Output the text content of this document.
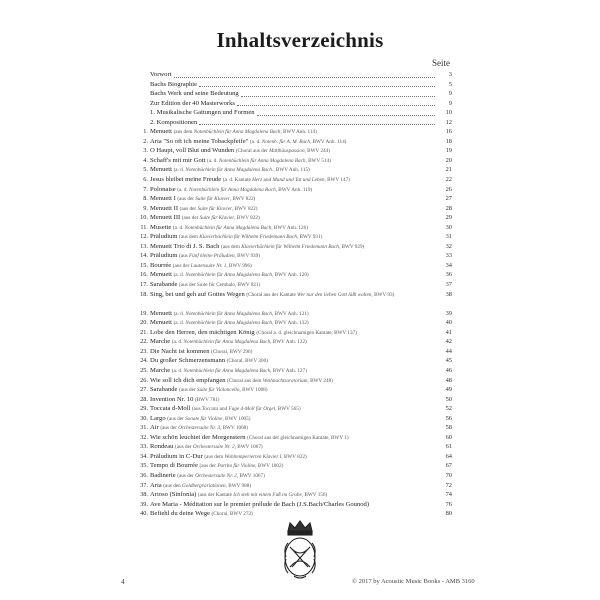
Inhaltsverzeichnis
Seite
Vorwort	3
Bachs Biographie	5
Bachs Werk und seine Bedeutung	9
Zur Edition der 40 Masterworks	9
1. Musikalische Gattungen und Formen	10
2. Kompositionen	12
1. Menuett (aus dem Notenbüchlein für Anna Magdalena Bach, BWV Anh. 114)	16
2. Aria "So oft ich meine Tobackpfeife" (a. d. Notenb. für A. M. Bach, BWV Anh. 114)	18
3. O Haupt, voll Blut und Wunden (Choral aus der Matthäuspassion, BWV 244)	19
4. Schaff's mit mir Gott (a. d. Notenbüchlein für Anna Magdalena Bach, BWV 514)	20
5. Menuett (a. d. Notenbüchlein für Anna Magdalena Bach., BWV Anh. 115)	21
6. Jesus bleibet meine Freude (a. d. Kantate Herz und Mund und Tat und Leben, BWV 147)	22
7. Polonaise (a. d. Notenbüchlein für Anna Magdalena Bach, BWV Anh. 119)	26
8. Menuett I (aus der Suite für Klavier, BWV 822)	27
9. Menuett II (aus der Suite für Klavier, BWV 822)	28
10. Menuett III (aus der Suite für Klavier, BWV 822)	29
11. Musette (a. d. Notenbüchlein für Anna Magdalena Bach, BWV Anh. 126)	30
12. Präludium (aus dem Klavierbüchlein für Wilhelm Friedemann Bach, BWV 931)	31
13. Menuett Trio di J. S. Bach (aus dem Klavierbüchlein für Wilhelm Friedemann Bach, BWV 929)	32
14. Präludium (aus Fünf kleine Präludien, BWV 939)	33
15. Bourrée (aus der Lautensuite Nr. 1, BWV 996)	34
16. Menuett (a. d. Notenbüchlein für Anna Magdalena Bach, BWV Anh. 120)	36
17. Sarabande (aus der Suite für Cembalo, BWV 821)	37
18. Sing, bet und geh auf Gottes Wegen (Choral aus der Kantate Wer nur den lieben Gott läßt walten, BWV 93)	38
19. Menuett (a. d. Notenbüchlein für Anna Magdalena Bach, BWV Anh. 121)	39
20. Menuett (a. d. Notenbüchlein für Anna Magdalena Bach, BWV Anh. 132)	40
21. Lobe den Herren, den mächtigen König (Choral a. d. gleichnamigen Kantate, BWV 137)	41
22. Marche (a. d. Notenbüchlein für Anna Magdalena Bach, BWV Anh. 122)	42
23. Die Nacht ist kommen (Choral, BWV 296)	44
24. Du großer Schmerzensmann (Choral, BWV 300)	45
25. Marche (a. d. Notenbüchlein für Anna Magdalena Bach, BWV Anh. 127)	46
26. Wie soll ich dich empfangen (Choral aus dem Weihnachtsoratorium, BWV 248)	48
27. Sarabande (aus der Suite für Violoncello, BWV 1008)	49
28. Invention Nr. 10 (BWV 781)	50
29. Toccata d-Moll (aus Toccata und Fuge d-Moll für Orgel, BWV 565)	52
30. Largo (aus der Sonate für Violine, BWV 1005)	56
31. Air (aus der Orchestersuite Nr. 3, BWV 1068)	58
32. Wie schön leuchtet der Morgenstern (Choral aus der gleichnamigen Kantate, BWV 1)	60
33. Rondeau (aus der Orchestersuite Nr. 2, BWV 1067)	61
34. Präludium in C-Dur (aus dem Wohltemperierten Klavier I, BWV 822)	64
35. Tempo di Bourrée (aus der Partita für Violine, BWV 1002)	67
36. Badinerie (aus der Orchestersuite Nr. 2, BWV 1067)	70
37. Aria (aus den Goldbergvariationen, BWV 988)	72
38. Arioso (Sinfonia) (aus der Kantate Ich steh mit einem Fuß im Grabe, BWV 156)	74
39. Ave Maria - Méditation sur le premier prélude de Bach (J.S.Bach/Charles Gounod)	76
40. Befiehl du deine Wege (Choral, BWV 272)	80
4	© 2017 by Acoustic Music Books - AMB 3160
